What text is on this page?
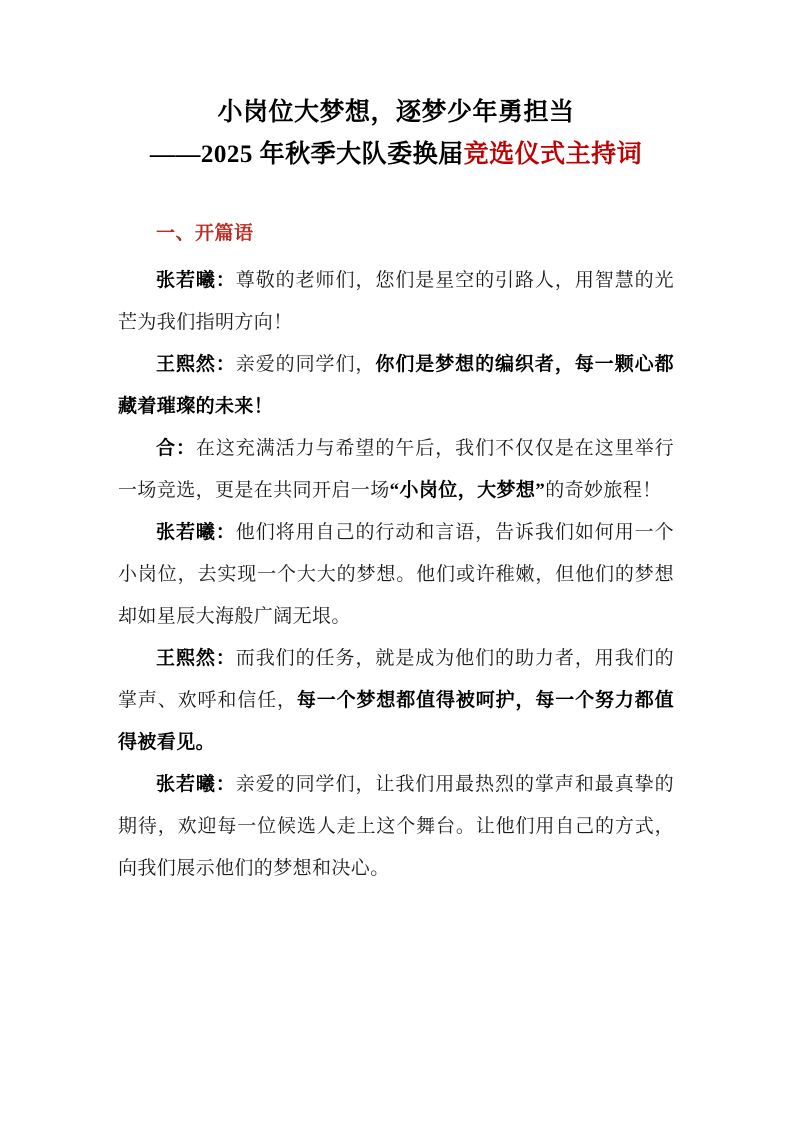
小岗位大梦想，逐梦少年勇担当
——2025 年秋季大队委换届竞选仪式主持词
一、开篇语

张若曦：尊敬的老师们，您们是星空的引路人，用智慧的光芒为我们指明方向！

王熙然：亲爱的同学们，你们是梦想的编织者，每一颗心都藏着璀璨的未来！

合：在这充满活力与希望的午后，我们不仅仅是在这里举行一场竞选，更是在共同开启一场“小岗位，大梦想”的奇妙旅程！

张若曦：他们将用自己的行动和言语，告诉我们如何用一个小岗位，去实现一个大大的梦想。他们或许稚嫩，但他们的梦想却如星辰大海般广阔无垠。

王熙然：而我们的任务，就是成为他们的助力者，用我们的掌声、欢呼和信任，每一个梦想都值得被呵护，每一个努力都值得被看见。

张若曦：亲爱的同学们，让我们用最热烈的掌声和最真挚的期待，欢迎每一位候选人走上这个舞台。让他们用自己的方式，向我们展示他们的梦想和决心。
